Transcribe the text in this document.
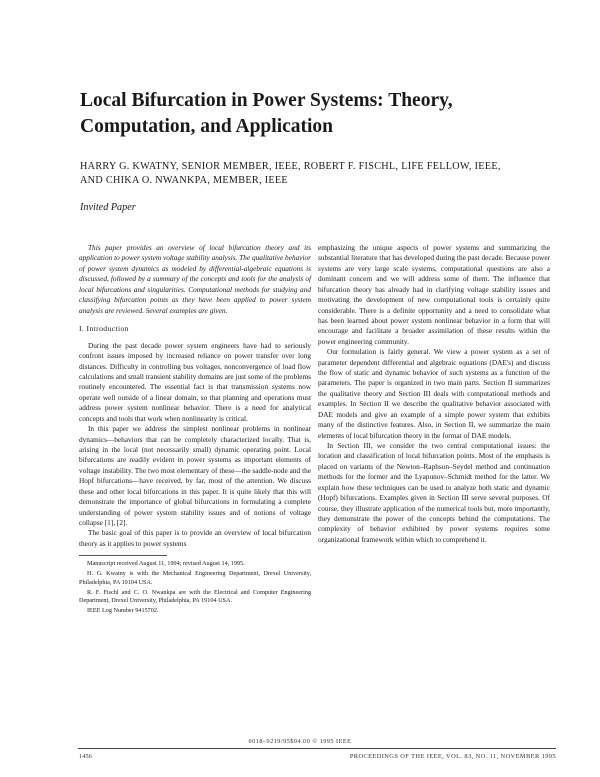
Local Bifurcation in Power Systems: Theory, Computation, and Application
HARRY G. KWATNY, SENIOR MEMBER, IEEE, ROBERT F. FISCHL, LIFE FELLOW, IEEE,
AND CHIKA O. NWANKPA, MEMBER, IEEE
Invited Paper

This paper provides an overview of local bifurcation theory and its application to power system voltage stability analysis. The qualitative behavior of power system dynamics as modeled by differential-algebraic equations is discussed, followed by a summary of the concepts and tools for the analysis of local bifurcations and singularities. Computational methods for studying and classifying bifurcation points as they have been applied to power system analysis are reviewed. Several examples are given.

I. Introduction

During the past decade power system engineers have had to seriously confront issues imposed by increased reliance on power transfer over long distances. Difficulty in controlling bus voltages, nonconvergence of load flow calculations and small transient stability domains are just some of the problems routinely encountered. The essential fact is that transmission systems now operate well outside of a linear domain, so that planning and operations must address power system nonlinear behavior. There is a need for analytical concepts and tools that work when nonlinearity is critical.

In this paper we address the simplest nonlinear problems in nonlinear dynamics—behaviors that can be completely characterized locally. That is, arising in the local (not necessarily small) dynamic operating point. Local bifurcations are readily evident in power systems as important elements of voltage instability. The two most elementary of these—the saddle-node and the Hopf bifurcations—have received, by far, most of the attention. We discuss these and other local bifurcations in this paper. It is quite likely that this will demonstrate the importance of global bifurcations in formulating a complete understanding of power system stability issues and of notions of voltage collapse [1], [2].

The basic goal of this paper is to provide an overview of local bifurcation theory as it applies to power systems

Manuscript received August 11, 1994; revised August 14, 1995.

H. G. Kwatny is with the Mechanical Engineering Department, Drexel University, Philadelphia, PA 19104 USA.

R. F. Fischl and C. O. Nwankpa are with the Electrical and Computer Engineering Department, Drexel University, Philadelphia, PA 19104 USA.

IEEE Log Number 9415702.

emphasizing the unique aspects of power systems and summarizing the substantial literature that has developed during the past decade. Because power systems are very large scale systems, computational questions are also a dominant concern and we will address some of them. The influence that bifurcation theory has already had in clarifying voltage stability issues and motivating the development of new computational tools is certainly quite considerable. There is a definite opportunity and a need to consolidate what has been learned about power system nonlinear behavior in a form that will encourage and facilitate a broader assimilation of these results within the power engineering community.

Our formulation is fairly general. We view a power system as a set of parameter dependent differential and algebraic equations (DAE's) and discuss the flow of static and dynamic behavior of such systems as a function of the parameters. The paper is organized in two main parts. Section II summarizes the qualitative theory and Section III deals with computational methods and examples. In Section II we describe the qualitative behavior associated with DAE models and give an example of a simple power system that exhibits many of the distinctive features. Also, in Section II, we summarize the main elements of local bifurcation theory in the format of DAE models.

In Section III, we consider the two central computational issues: the location and classification of local bifurcation points. Most of the emphasis is placed on variants of the Newton–Raphson–Seydel method and continuation methods for the former and the Lyapunov–Schmidt method for the latter. We explain how these techniques can be used to analyze both static and dynamic (Hopf) bifurcations. Examples given in Section III serve several purposes. Of course, they illustrate application of the numerical tools but, more importantly, they demonstrate the power of the concepts behind the computations. The complexity of behavior exhibited by power systems requires some organizational framework within which to comprehend it.

0018–9219/95$04.00 © 1995 IEEE
1456	PROCEEDINGS OF THE IEEE, VOL. 83, NO. 11, NOVEMBER 1995
